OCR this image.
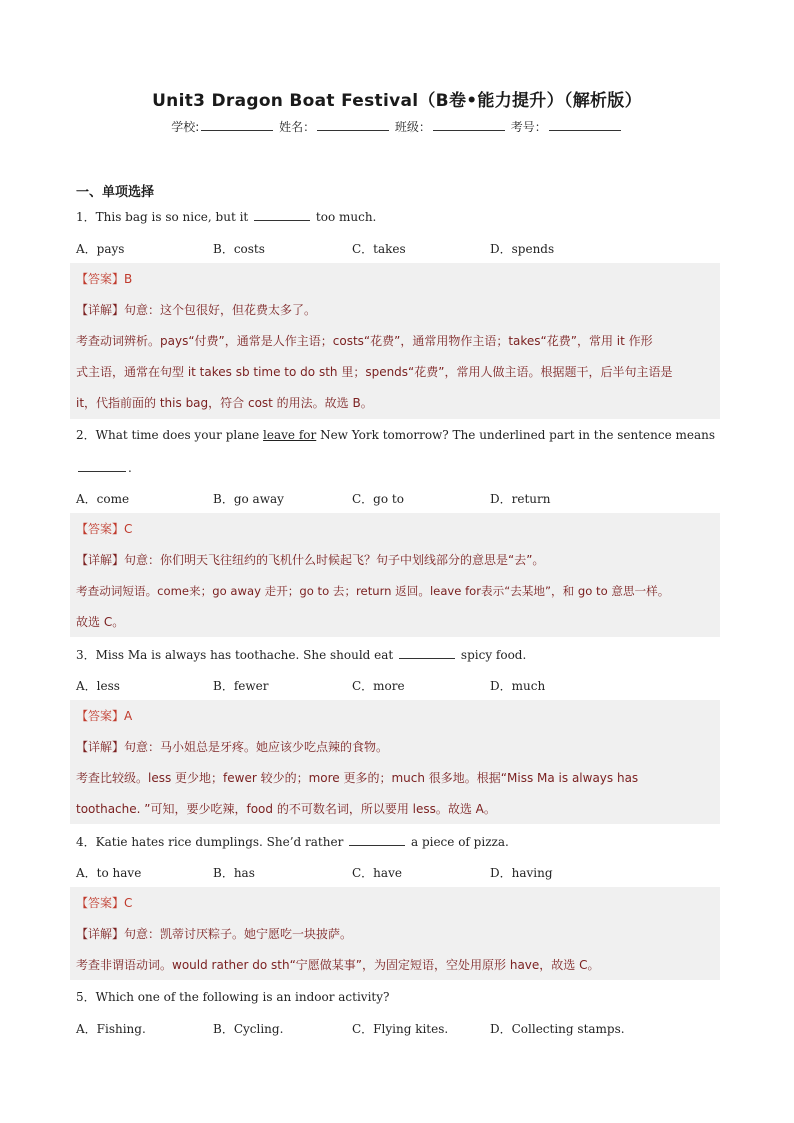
Unit3 Dragon Boat Festival（B卷•能力提升）（解析版）
学校:	姓名：	班级：	考号：
一、单项选择
1．This bag is so nice, but it	too much.
A．pays	B．costs	C．takes	D．spends
【答案】B
【详解】句意：这个包很好，但花费太多了。
考查动词辨析。pays“付费”，通常是人作主语；costs“花费”，通常用物作主语；takes“花费”，常用 it 作形
式主语，通常在句型 it takes sb time to do sth 里；spends“花费”，常用人做主语。根据题干，后半句主语是
it，代指前面的 this bag，符合 cost 的用法。故选 B。
2．What time does your plane leave for New York tomorrow? The underlined part in the sentence means
.
A．come	B．go away	C．go to	D．return
【答案】C
【详解】句意：你们明天飞往纽约的飞机什么时候起飞？句子中划线部分的意思是“去”。
考查动词短语。come来；go away 走开；go to 去；return 返回。leave for表示“去某地”，和 go to 意思一样。
故选 C。
3．Miss Ma is always has toothache. She should eat	spicy food.
A．less	B．fewer	C．more	D．much
【答案】A
【详解】句意：马小姐总是牙疼。她应该少吃点辣的食物。
考查比较级。less 更少地；fewer 较少的；more 更多的；much 很多地。根据“Miss Ma is always has
toothache. ”可知，要少吃辣，food 的不可数名词，所以要用 less。故选 A。
4．Katie hates rice dumplings. She’d rather	a piece of pizza.
A．to have	B．has	C．have	D．having
【答案】C
【详解】句意：凯蒂讨厌粽子。她宁愿吃一块披萨。
考查非谓语动词。would rather do sth“宁愿做某事”，为固定短语，空处用原形 have，故选 C。
5．Which one of the following is an indoor activity?
A．Fishing.	B．Cycling.	C．Flying kites.	D．Collecting stamps.
